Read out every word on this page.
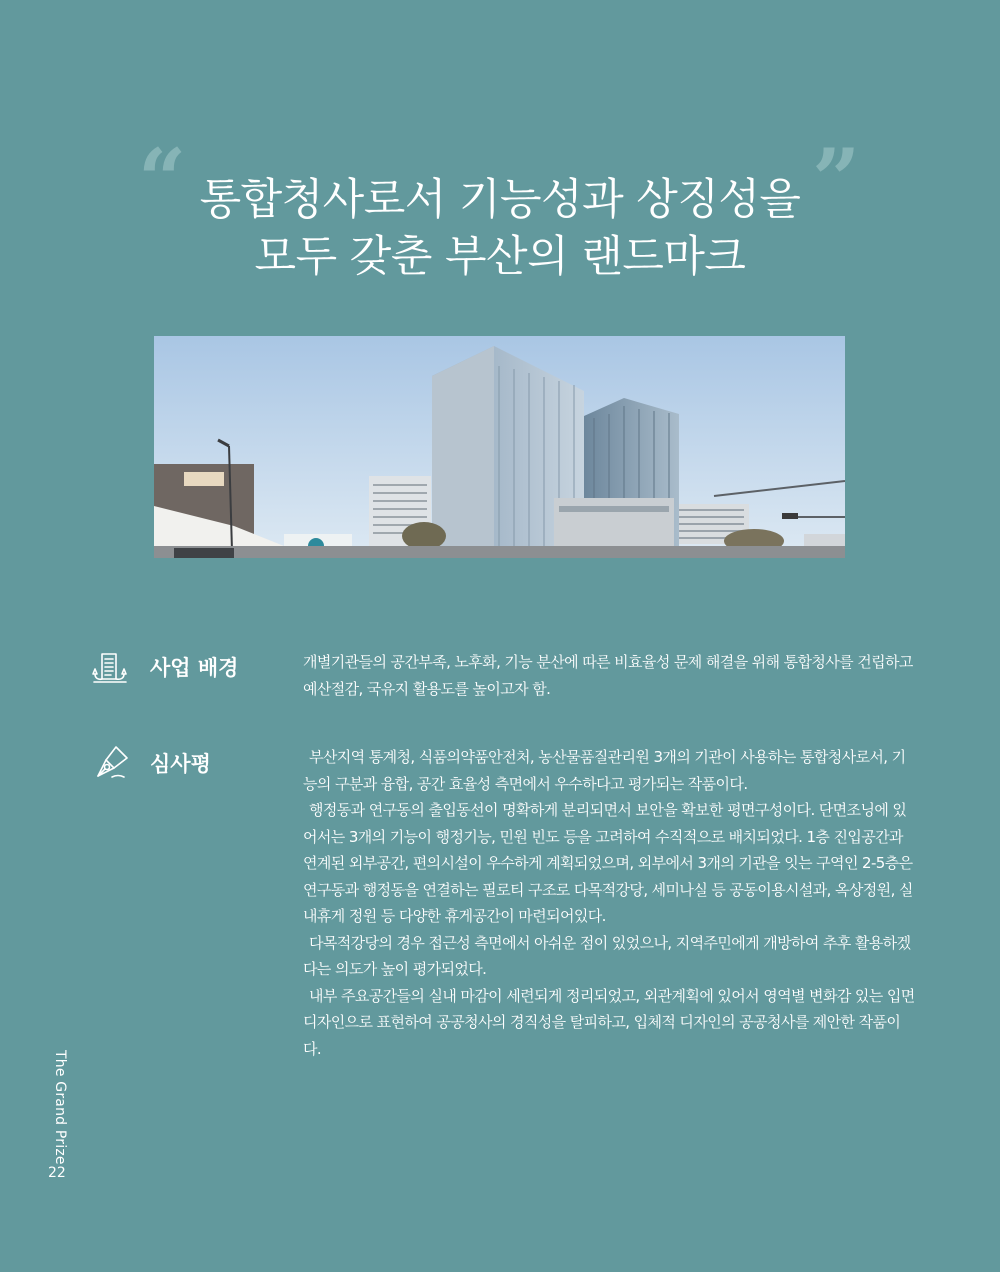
“	”
통합청사로서 기능성과 상징성을
모두 갖춘 부산의 랜드마크
사업 배경	개별기관들의 공간부족, 노후화, 기능 분산에 따른 비효율성 문제 해결을 위해 통합청사를 건립하고 예산절감, 국유지 활용도를 높이고자 함.
심사평	부산지역 통계청, 식품의약품안전처, 농산물품질관리원 3개의 기관이 사용하는 통합청사로서, 기능의 구분과 융합, 공간 효율성 측면에서 우수하다고 평가되는 작품이다.

행정동과 연구동의 출입동선이 명확하게 분리되면서 보안을 확보한 평면구성이다. 단면조닝에 있어서는 3개의 기능이 행정기능, 민원 빈도 등을 고려하여 수직적으로 배치되었다. 1층 진입공간과 연계된 외부공간, 편의시설이 우수하게 계획되었으며, 외부에서 3개의 기관을 잇는 구역인 2-5층은 연구동과 행정동을 연결하는 필로티 구조로 다목적강당, 세미나실 등 공동이용시설과, 옥상정원, 실내휴게 정원 등 다양한 휴게공간이 마련되어있다.

다목적강당의 경우 접근성 측면에서 아쉬운 점이 있었으나, 지역주민에게 개방하여 추후 활용하겠다는 의도가 높이 평가되었다.

내부 주요공간들의 실내 마감이 세련되게 정리되었고, 외관계획에 있어서 영역별 변화감 있는 입면 디자인으로 표현하여 공공청사의 경직성을 탈피하고, 입체적 디자인의 공공청사를 제안한 작품이다.

The Grand Prize
22
